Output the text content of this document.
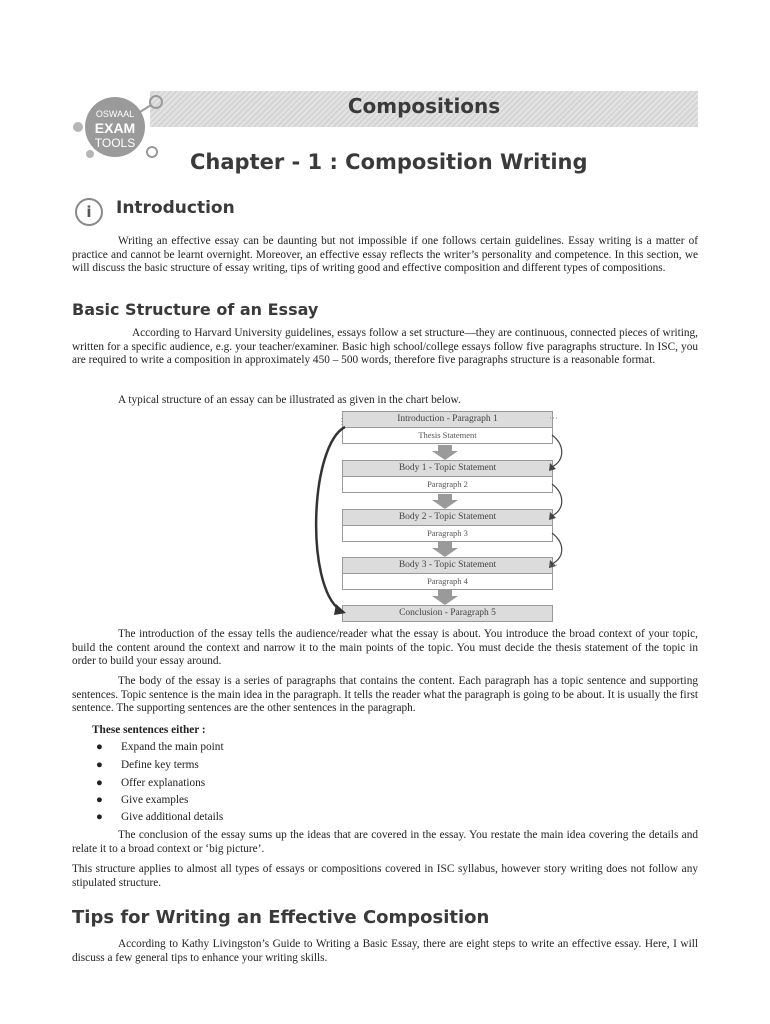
Compositions
OSWAAL
EXAM
TOOLS
Chapter - 1 : Composition Writing
i	Introduction

Writing an effective essay can be daunting but not impossible if one follows certain guidelines. Essay writing is a matter of practice and cannot be learnt overnight. Moreover, an effective essay reflects the writer’s personality and competence. In this section, we will discuss the basic structure of essay writing, tips of writing good and effective composition and different types of compositions.

Basic Structure of an Essay

According to Harvard University guidelines, essays follow a set structure—they are continuous, connected pieces of writing, written for a specific audience, e.g. your teacher/examiner. Basic high school/college essays follow five paragraphs structure. In ISC, you are required to write a composition in approximately 450 – 500 words, therefore five paragraphs structure is a reasonable format.

A typical structure of an essay can be illustrated as given in the chart below.

Introduction - Paragraph 1
Thesis Statement
Body 1 - Topic Statement
Paragraph 2
Body 2 - Topic Statement
Paragraph 3
Body 3 - Topic Statement
Paragraph 4
Conclusion - Paragraph 5

The introduction of the essay tells the audience/reader what the essay is about. You introduce the broad context of your topic, build the content around the context and narrow it to the main points of the topic. You must decide the thesis statement of the topic in order to build your essay around.

The body of the essay is a series of paragraphs that contains the content. Each paragraph has a topic sentence and supporting sentences. Topic sentence is the main idea in the paragraph. It tells the reader what the paragraph is going to be about. It is usually the first sentence. The supporting sentences are the other sentences in the paragraph.

These sentences either :
● Expand the main point
● Define key terms
● Offer explanations
● Give examples
● Give additional details

The conclusion of the essay sums up the ideas that are covered in the essay. You restate the main idea covering the details and relate it to a broad context or ‘big picture’.

This structure applies to almost all types of essays or compositions covered in ISC syllabus, however story writing does not follow any stipulated structure.

Tips for Writing an Effective Composition

According to Kathy Livingston’s Guide to Writing a Basic Essay, there are eight steps to write an effective essay. Here, I will discuss a few general tips to enhance your writing skills.
